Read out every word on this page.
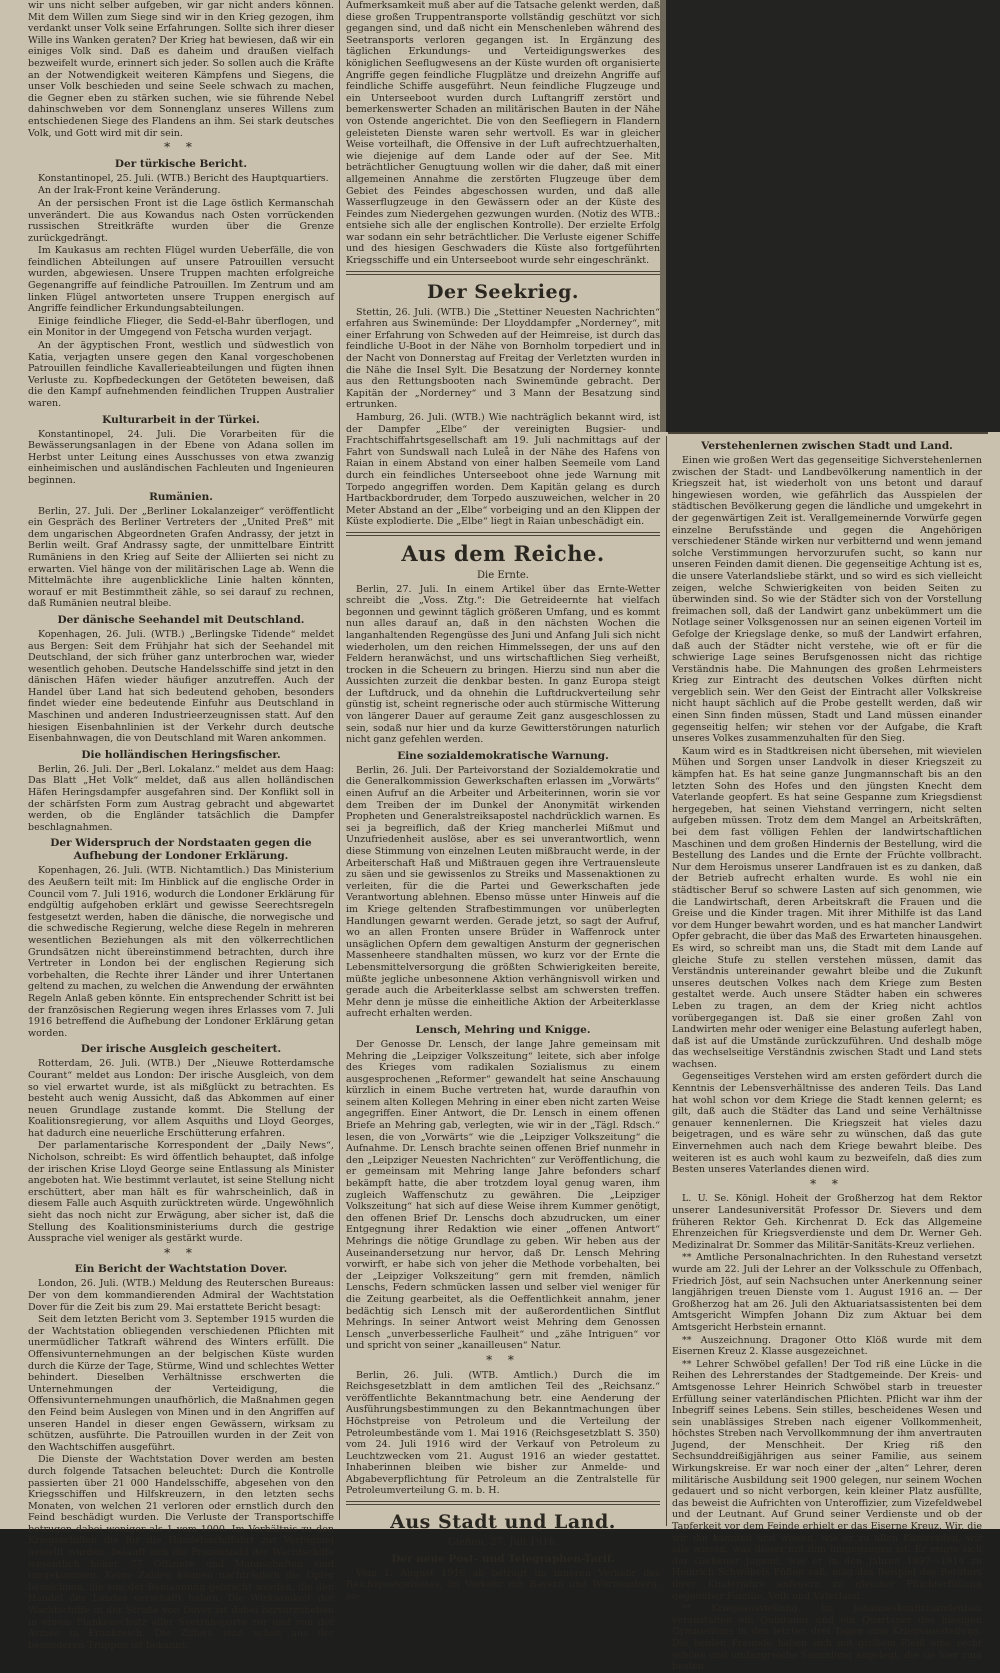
wir uns nicht selber aufgeben, wir gar nicht anders können. Mit dem Willen zum Siege sind wir in den Krieg gezogen, ihm verdankt unser Volk seine Erfahrungen. Sollte sich ihrer dieser Wille ins Wanken geraten? Der Krieg hat bewiesen, daß wir ein einiges Volk sind. Daß es daheim und draußen vielfach bezweifelt wurde, erinnert sich jeder. So sollen auch die Kräfte an der Notwendigkeit weiteren Kämpfens und Siegens, die unser Volk beschieden und seine Seele schwach zu machen, die Gegner eben zu stärken suchen, wie sie führende Nebel dahinschweben vor dem Sonnenglanz unseres Willens zum entschiedenen Siege des Flandens an ihm. Sei stark deutsches Volk, und Gott wird mit dir sein.

* *
Der türkische Bericht.

Konstantinopel, 25. Juli. (WTB.) Bericht des Hauptquartiers.

An der Irak-Front keine Veränderung.

An der persischen Front ist die Lage östlich Kermanschah unverändert. Die aus Kowandus nach Osten vorrückenden russischen Streitkräfte wurden über die Grenze zurückgedrängt.

Im Kaukasus am rechten Flügel wurden Ueberfälle, die von feindlichen Abteilungen auf unsere Patrouillen versucht wurden, abgewiesen. Unsere Truppen machten erfolgreiche Gegenangriffe auf feindliche Patrouillen. Im Zentrum und am linken Flügel antworteten unsere Truppen energisch auf Angriffe feindlicher Erkundungsabteilungen.

Einige feindliche Flieger, die Sedd-el-Bahr überflogen, und ein Monitor in der Umgegend von Fetscha wurden verjagt.

An der ägyptischen Front, westlich und südwestlich von Katia, verjagten unsere gegen den Kanal vorgeschobenen Patrouillen feindliche Kavallerieabteilungen und fügten ihnen Verluste zu. Kopfbedeckungen der Getöteten beweisen, daß die den Kampf aufnehmenden feindlichen Truppen Australier waren.

Kulturarbeit in der Türkei.

Konstantinopel, 24. Juli. Die Vorarbeiten für die Bewässerungsanlagen in der Ebene von Adana sollen im Herbst unter Leitung eines Ausschusses von etwa zwanzig einheimischen und ausländischen Fachleuten und Ingenieuren beginnen.

Rumänien.

Berlin, 27. Juli. Der „Berliner Lokalanzeiger“ veröffentlicht ein Gespräch des Berliner Vertreters der „United Preß“ mit dem ungarischen Abgeordneten Grafen Andrassy, der jetzt in Berlin weilt. Graf Andrassy sagte, der unmittelbare Eintritt Rumäniens in den Krieg auf Seite der Alliierten sei nicht zu erwarten. Viel hänge von der militärischen Lage ab. Wenn die Mittelmächte ihre augenblickliche Linie halten könnten, worauf er mit Bestimmtheit zähle, so sei darauf zu rechnen, daß Rumänien neutral bleibe.

Der dänische Seehandel mit Deutschland.

Kopenhagen, 26. Juli. (WTB.) „Berlingske Tidende“ meldet aus Bergen: Seit dem Frühjahr hat sich der Seehandel mit Deutschland, der sich früher ganz unterbrochen war, wieder wesentlich gehoben. Deutsche Handelsschiffe sind jetzt in den dänischen Häfen wieder häufiger anzutreffen. Auch der Handel über Land hat sich bedeutend gehoben, besonders findet wieder eine bedeutende Einfuhr aus Deutschland in Maschinen und anderen Industrieerzeugnissen statt. Auf den hiesigen Eisenbahnlinien ist der Verkehr durch deutsche Eisenbahnwagen, die von Deutschland mit Waren ankommen.

Die holländischen Heringsfischer.

Berlin, 26. Juli. Der „Berl. Lokalanz.“ meldet aus dem Haag: Das Blatt „Het Volk“ meldet, daß aus allen holländischen Häfen Heringsdampfer ausgefahren sind. Der Konflikt soll in der schärfsten Form zum Austrag gebracht und abgewartet werden, ob die Engländer tatsächlich die Dampfer beschlagnahmen.

Der Widerspruch der Nordstaaten gegen die Aufhebung der Londoner Erklärung.

Kopenhagen, 26. Juli. (WTB. Nichtamtlich.) Das Ministerium des Aeußern teilt mit: Im Hinblick auf die englische Order in Council vom 7. Juli 1916, wodurch die Londoner Erklärung für endgültig aufgehoben erklärt und gewisse Seerechtsregeln festgesetzt werden, haben die dänische, die norwegische und die schwedische Regierung, welche diese Regeln in mehreren wesentlichen Beziehungen als mit den völkerrechtlichen Grundsätzen nicht übereinstimmend betrachten, durch ihre Vertreter in London bei der englischen Regierung sich vorbehalten, die Rechte ihrer Länder und ihrer Untertanen geltend zu machen, zu welchen die Anwendung der erwähnten Regeln Anlaß geben könnte. Ein entsprechender Schritt ist bei der französischen Regierung wegen ihres Erlasses vom 7. Juli 1916 betreffend die Aufhebung der Londoner Erklärung getan worden.

Der irische Ausgleich gescheitert.

Rotterdam, 26. Juli. (WTB.) Der „Nieuwe Rotterdamsche Courant“ meldet aus London: Der irische Ausgleich, von dem so viel erwartet wurde, ist als mißglückt zu betrachten. Es besteht auch wenig Aussicht, daß das Abkommen auf einer neuen Grundlage zustande kommt. Die Stellung der Koalitionsregierung, vor allem Asquiths und Lloyd Georges, hat dadurch eine neuerliche Erschütterung erfahren.

Der parlamentarische Korrespondent der „Daily News“, Nicholson, schreibt: Es wird öffentlich behauptet, daß infolge der irischen Krise Lloyd George seine Entlassung als Minister angeboten hat. Wie bestimmt verlautet, ist seine Stellung nicht erschüttert, aber man hält es für wahrscheinlich, daß in diesem Falle auch Asquith zurücktreten würde. Ungewöhnlich sieht das noch nicht zur Erwägung, aber sicher ist, daß die Stellung des Koalitionsministeriums durch die gestrige Aussprache viel weniger als gestärkt wurde.

* *
Ein Bericht der Wachtstation Dover.

London, 26. Juli. (WTB.) Meldung des Reuterschen Bureaus: Der von dem kommandierenden Admiral der Wachtstation Dover für die Zeit bis zum 29. Mai erstattete Bericht besagt:

Seit dem letzten Bericht vom 3. September 1915 wurden die der Wachtstation obliegenden verschiedenen Pflichten mit unermüdlicher Tatkraft während des Winters erfüllt. Die Offensivunternehmungen an der belgischen Küste wurden durch die Kürze der Tage, Stürme, Wind und schlechtes Wetter behindert. Dieselben Verhältnisse erschwerten die Unternehmungen der Verteidigung, die Offensivunternehmungen unaufhörlich, die Maßnahmen gegen den Feind beim Auslegen von Minen und in den Angriffen auf unseren Handel in dieser engen Gewässern, wirksam zu schützen, ausführte. Die Patrouillen wurden in der Zeit von den Wachtschiffen ausgeführt.

Die Dienste der Wachtstation Dover werden am besten durch folgende Tatsachen beleuchtet: Durch die Kontrolle passierten über 21 000 Handelsschiffe, abgesehen von den Kriegsschiffen und Hilfskreuzern, in den letzten sechs Monaten, von welchen 21 verloren oder ernstlich durch den Feind beschädigt wurden. Die Verluste der Transportschiffe betrugen dabei weniger als 1 vom 1000. Im Verhältnis zu den Kriegsschiffen die für die Handelsschiffahrt zur Verfügung gestellt wurden, beläuft sich die Prozentzahl der Wachtschiffe wesentlich höher. 77 Offiziere und Mannschaften sind umgekommen. Keine Zahlen können nachträglich die Opfer bezeichnen, die von der Bemannung gebracht werden, die den Handel des Landes verschafft haben. Die Wirksamkeit der Wachtschiffe in der Straße von Dover ist dabei hervorzuheben in einem Flankenschutz aller Seetransporte zur und von der Armee in Frankreich. Die Ziffern sind schon aus der besonderen Truppen ist bekannt.

Aufmerksamkeit muß aber auf die Tatsache gelenkt werden, daß diese großen Truppentransporte vollständig geschützt vor sich gegangen sind, und daß nicht ein Menschenleben während des Seetransports verloren gegangen ist. In Ergänzung des täglichen Erkundungs- und Verteidigungswerkes des königlichen Seeflugwesens an der Küste wurden oft organisierte Angriffe gegen feindliche Flugplätze und dreizehn Angriffe auf feindliche Schiffe ausgeführt. Neun feindliche Flugzeuge und ein Unterseeboot wurden durch Luftangriff zerstört und bemerkenswerter Schaden an militärischen Bauten in der Nähe von Ostende angerichtet. Die von den Seefliegern in Flandern geleisteten Dienste waren sehr wertvoll. Es war in gleicher Weise vorteilhaft, die Offensive in der Luft aufrechtzuerhalten, wie diejenige auf dem Lande oder auf der See. Mit beträchtlicher Genugtuung wollen wir die daher, daß mit einer allgemeinen Annahme die zerstörten Flugzeuge über dem Gebiet des Feindes abgeschossen wurden, und daß alle Wasserflugzeuge in den Gewässern oder an der Küste des Feindes zum Niedergehen gezwungen wurden. (Notiz des WTB.: entsiehe sich alle der englischen Kontrolle). Der erzielte Erfolg war sodann ein sehr beträchtlicher. Die Verluste eigener Schiffe und des hiesigen Geschwaders die Küste also fortgeführten Kriegsschiffe und ein Unterseeboot wurde sehr eingeschränkt.

Der Seekrieg.

Stettin, 26. Juli. (WTB.) Die „Stettiner Neuesten Nachrichten“ erfahren aus Swinemünde: Der Lloyddampfer „Norderney“, mit einer Erfahrung von Schweden auf der Heimreise, ist durch das feindliche U-Boot in der Nähe von Bornholm torpediert und in der Nacht von Donnerstag auf Freitag der Verletzten wurden in die Nähe die Insel Sylt. Die Besatzung der Norderney konnte aus den Rettungsbooten nach Swinemünde gebracht. Der Kapitän der „Norderney“ und 3 Mann der Besatzung sind ertrunken.

Hamburg, 26. Juli. (WTB.) Wie nachträglich bekannt wird, ist der Dampfer „Elbe“ der vereinigten Bugsier- und Frachtschiffahrtsgesellschaft am 19. Juli nachmittags auf der Fahrt von Sundswall nach Luleå in der Nähe des Hafens von Raian in einem Abstand von einer halben Seemeile vom Land durch ein feindliches Unterseeboot ohne jede Warnung mit Torpedo angegriffen worden. Dem Kapitän gelang es durch Hartbackbordruder, dem Torpedo auszuweichen, welcher in 20 Meter Abstand an der „Elbe“ vorbeiging und an den Klippen der Küste explodierte. Die „Elbe“ liegt in Raian unbeschädigt ein.

Aus dem Reiche.
Die Ernte.

Berlin, 27. Juli. In einem Artikel über das Ernte-Wetter schreibt die „Voss. Ztg.“: Die Getreideernte hat vielfach begonnen und gewinnt täglich größeren Umfang, und es kommt nun alles darauf an, daß in den nächsten Wochen die langanhaltenden Regengüsse des Juni und Anfang Juli sich nicht wiederholen, um den reichen Himmelssegen, der uns auf den Feldern heranwächst, und uns wirtschaftlichen Sieg verheißt, trocken in die Scheuern zu bringen. Hierzu sind nun aber die Aussichten zurzeit die denkbar besten. In ganz Europa steigt der Luftdruck, und da ohnehin die Luftdruckverteilung sehr günstig ist, scheint regnerische oder auch stürmische Witterung von längerer Dauer auf geraume Zeit ganz ausgeschlossen zu sein, sodaß nur hier und da kurze Gewitterstörungen naturlich nicht ganz gefehlen werden.

Eine sozialdemokratische Warnung.

Berlin, 26. Juli. Der Parteivorstand der Sozialdemokratie und die Generalkommission Gewerkschaften erlassen im „Vorwärts“ einen Aufruf an die Arbeiter und Arbeiterinnen, worin sie vor dem Treiben der im Dunkel der Anonymität wirkenden Propheten und Generalstreiksapostel nachdrücklich warnen. Es sei ja begreiflich, daß der Krieg mancherlei Mißmut und Unzufriedenheit auslöse, aber es sei unverantwortlich, wenn diese Stimmung von einzelnen Leuten mißbraucht werde, in der Arbeiterschaft Haß und Mißtrauen gegen ihre Vertrauensleute zu säen und sie gewissenlos zu Streiks und Massenaktionen zu verleiten, für die die Partei und Gewerkschaften jede Verantwortung ablehnen. Ebenso müsse unter Hinweis auf die im Kriege geltenden Strafbestimmungen vor unüberlegten Handlungen gewarnt werden. Gerade jetzt, so sagt der Aufruf, wo an allen Fronten unsere Brüder in Waffenrock unter unsäglichen Opfern dem gewaltigen Ansturm der gegnerischen Massenheere standhalten müssen, wo kurz vor der Ernte die Lebensmittelversorgung die größten Schwierigkeiten bereite, müßte jegliche unbesonnene Aktion verhängnisvoll wirken und gerade auch die Arbeiterklasse selbst am schwersten treffen. Mehr denn je müsse die einheitliche Aktion der Arbeiterklasse aufrecht erhalten werden.

Lensch, Mehring und Knigge.

Der Genosse Dr. Lensch, der lange Jahre gemeinsam mit Mehring die „Leipziger Volkszeitung“ leitete, sich aber infolge des Krieges vom radikalen Sozialismus zu einem ausgesprochenen „Reformer“ gewandelt hat seine Anschauung kürzlich in einem Buche vertreten hat, wurde daraufhin von seinem alten Kollegen Mehring in einer eben nicht zarten Weise angegriffen. Einer Antwort, die Dr. Lensch in einem offenen Briefe an Mehring gab, verlegten, wie wir in der „Tägl. Rdsch.“ lesen, die von „Vorwärts“ wie die „Leipziger Volkszeitung“ die Aufnahme. Dr. Lensch brachte seinen offenen Brief nunmehr in den „Leipziger Neuesten Nachrichten“ zur Veröffentlichung, die er gemeinsam mit Mehring lange Jahre befonders scharf bekämpft hatte, die aber trotzdem loyal genug waren, ihm zugleich Waffenschutz zu gewähren. Die „Leipziger Volkszeitung“ hat sich auf diese Weise ihrem Kummer genötigt, den offenen Brief Dr. Lenschs doch abzudrucken, um einer Entgegnung ihrer Redaktion wie einer „offenen Antwort“ Mehrings die nötige Grundlage zu geben. Wir heben aus der Auseinandersetzung nur hervor, daß Dr. Lensch Mehring vorwirft, er habe sich von jeher die Methode vorbehalten, bei der „Leipziger Volkszeitung“ gern mit fremden, nämlich Lenschs, Federn schmücken lassen und selber viel weniger für die Zeitung gearbeitet, als die Oeffentlichkeit annahm, jener bedächtig sich Lensch mit der außerordentlichen Sintflut Mehrings. In seiner Antwort weist Mehring dem Genossen Lensch „unverbesserliche Faulheit“ und „zähe Intriguen“ vor und spricht von seiner „kanailleusen“ Natur.

* *

Berlin, 26. Juli. (WTB. Amtlich.) Durch die im Reichsgesetzblatt in dem amtlichen Teil des „Reichsanz.“ veröffentlichte Bekanntmachung betr. eine Aenderung der Ausführungsbestimmungen zu den Bekanntmachungen über Höchstpreise von Petroleum und die Verteilung der Petroleumbestände vom 1. Mai 1916 (Reichsgesetzblatt S. 350) vom 24. Juli 1916 wird der Verkauf von Petroleum zu Leuchtzwecken vom 21. August 1916 an wieder gestattet. Inhaberinnen bleiben wie bisher zur Anmelde- und Abgabeverpflichtung für Petroleum an die Zentralstelle für Petroleumverteilung G. m. b. H.

Aus Stadt und Land.
Gießen, 27. Juli 1916.
Der neue Post- und Telegraphen-Tarif.

Vom 1. August 1916 ab beträgt im inneren Verkehr des Reichspostgebietes, im Verkehr mit Bayern und Württemberg, so-

Verstehenlernen zwischen Stadt und Land.

Einen wie großen Wert das gegenseitige Sichverstehenlernen zwischen der Stadt- und Landbevölkerung namentlich in der Kriegszeit hat, ist wiederholt von uns betont und darauf hingewiesen worden, wie gefährlich das Ausspielen der städtischen Bevölkerung gegen die ländliche und umgekehrt in der gegenwärtigen Zeit ist. Verallgemeinernde Vorwürfe gegen einzelne Berufsstände und gegen die Angehörigen verschiedener Stände wirken nur verbitternd und wenn jemand solche Verstimmungen hervorzurufen sucht, so kann nur unseren Feinden damit dienen. Die gegenseitige Achtung ist es, die unsere Vaterlandsliebe stärkt, und so wird es sich vielleicht zeigen, welche Schwierigkeiten von beiden Seiten zu überwinden sind. So wie der Städter sich von der Vorstellung freimachen soll, daß der Landwirt ganz unbekümmert um die Notlage seiner Volksgenossen nur an seinen eigenen Vorteil im Gefolge der Kriegslage denke, so muß der Landwirt erfahren, daß auch der Städter nicht verstehe, wie oft er für die schwierige Lage seines Berufsgenossen nicht das richtige Verständnis habe. Die Mahnungen des großen Lehrmeisters Krieg zur Eintracht des deutschen Volkes dürften nicht vergeblich sein. Wer den Geist der Eintracht aller Volkskreise nicht haupt sächlich auf die Probe gestellt werden, daß wir einen Sinn finden müssen, Stadt und Land müssen einander gegenseitig helfen; wir stehen vor der Aufgabe, die Kraft unseres Volkes zusammenzuhalten für den Sieg.

Kaum wird es in Stadtkreisen nicht übersehen, mit wievielen Mühen und Sorgen unser Landvolk in dieser Kriegszeit zu kämpfen hat. Es hat seine ganze Jungmannschaft bis an den letzten Sohn des Hofes und den jüngsten Knecht dem Vaterlande geopfert. Es hat seine Gespanne zum Kriegsdienst hergegeben, hat seinen Viehstand verringern, nicht selten aufgeben müssen. Trotz dem dem Mangel an Arbeitskräften, bei dem fast völligen Fehlen der landwirtschaftlichen Maschinen und dem großen Hindernis der Bestellung, wird die Bestellung des Landes und die Ernte der Früchte vollbracht. Nur dem Heroismus unserer Landfrauen ist es zu danken, daß der Betrieb aufrecht erhalten wurde. Es wohl nie ein städtischer Beruf so schwere Lasten auf sich genommen, wie die Landwirtschaft, deren Arbeitskraft die Frauen und die Greise und die Kinder tragen. Mit ihrer Mithilfe ist das Land vor dem Hunger bewahrt worden, und es hat mancher Landwirt Opfer gebracht, die über das Maß des Erwarteten hinausgehen. Es wird, so schreibt man uns, die Stadt mit dem Lande auf gleiche Stufe zu stellen verstehen müssen, damit das Verständnis untereinander gewahrt bleibe und die Zukunft unseres deutschen Volkes nach dem Kriege zum Besten gestaltet werde. Auch unsere Städter haben ein schweres Leben zu tragen, an dem der Krieg nicht achtlos vorübergegangen ist. Daß sie einer großen Zahl von Landwirten mehr oder weniger eine Belastung auferlegt haben, daß ist auf die Umstände zurückzuführen. Und deshalb möge das wechselseitige Verständnis zwischen Stadt und Land stets wachsen.

Gegenseitiges Verstehen wird am ersten gefördert durch die Kenntnis der Lebensverhältnisse des anderen Teils. Das Land hat wohl schon vor dem Kriege die Stadt kennen gelernt; es gilt, daß auch die Städter das Land und seine Verhältnisse genauer kennenlernen. Die Kriegszeit hat vieles dazu beigetragen, und es wäre sehr zu wünschen, daß das gute Einvernehmen auch nach dem Kriege bewahrt bleibe. Des weiteren ist es auch wohl kaum zu bezweifeln, daß dies zum Besten unseres Vaterlandes dienen wird.

* *

L. U. Se. Königl. Hoheit der Großherzog hat dem Rektor unserer Landesuniversität Professor Dr. Sievers und dem früheren Rektor Geh. Kirchenrat D. Eck das Allgemeine Ehrenzeichen für Kriegsverdienste und dem Dr. Werner Geh. Medizinalrat Dr. Sommer das Militär-Sanitäts-Kreuz verliehen.

** Amtliche Personalnachrichten. In den Ruhestand versetzt wurde am 22. Juli der Lehrer an der Volksschule zu Offenbach, Friedrich Jöst, auf sein Nachsuchen unter Anerkennung seiner langjährigen treuen Dienste vom 1. August 1916 an. — Der Großherzog hat am 26. Juli den Aktuariatsassistenten bei dem Amtsgericht Wimpfen Johann Diz zum Aktuar bei dem Amtsgericht Herbstein ernannt.

** Auszeichnung. Dragoner Otto Klöß wurde mit dem Eisernen Kreuz 2. Klasse ausgezeichnet.

** Lehrer Schwöbel gefallen! Der Tod riß eine Lücke in die Reihen des Lehrerstandes der Stadtgemeinde. Der Kreis- und Amtsgenosse Lehrer Heinrich Schwöbel starb in treuester Erfüllung seiner vaterländischen Pflichten. Pflicht war ihm der Inbegriff seines Lebens. Sein stilles, bescheidenes Wesen und sein unablässiges Streben nach eigener Vollkommenheit, höchstes Streben nach Vervollkommnung der ihm anvertrauten Jugend, der Menschheit. Der Krieg riß den Sechsunddreißigjährigen aus seiner Familie, aus seinem Wirkungskreise. Er war noch einer der „alten“ Lehrer, deren militärische Ausbildung seit 1900 gelegen, nur seinem Wochen gedauert und so nicht verborgen, kein kleiner Platz ausfüllte, das beweist die Aufrichten von Unteroffizier, zum Vizefeldwebel und der Leutnant. Auf Grund seiner Verdienste und ob der Tapferkeit vor dem Feinde erhielt er das Eiserne Kreuz. Wir, die wir ihn kannten und wissen, wie er zu allen Kameraden, wir alle wissen, was dieser mit ihm hingegangen ist. Er zeigte sich der Gießener Jugend, wie er in den Jahren 1897—1914 zu Heinrich Schwöbels Füßen saß, mag das Beispiel des Beraters ihrer Kinderjahre anfeuern zu gleicher Pflichterfüllung gegenüber Familie, Volk und Vaterland.

** Kriegsausstellung. Im Johanneskonfirmandenbau veranstalten ein Quintaner und ein Quartaner des hiesigen Gymnasiums in den letzten drei Tagen eine Kriegsausstellung. Die beiden Freunde haben sich mit großem Fleiß eine recht schöne und umfangreiche Sammlung angelegt, die sie hier zum besten
